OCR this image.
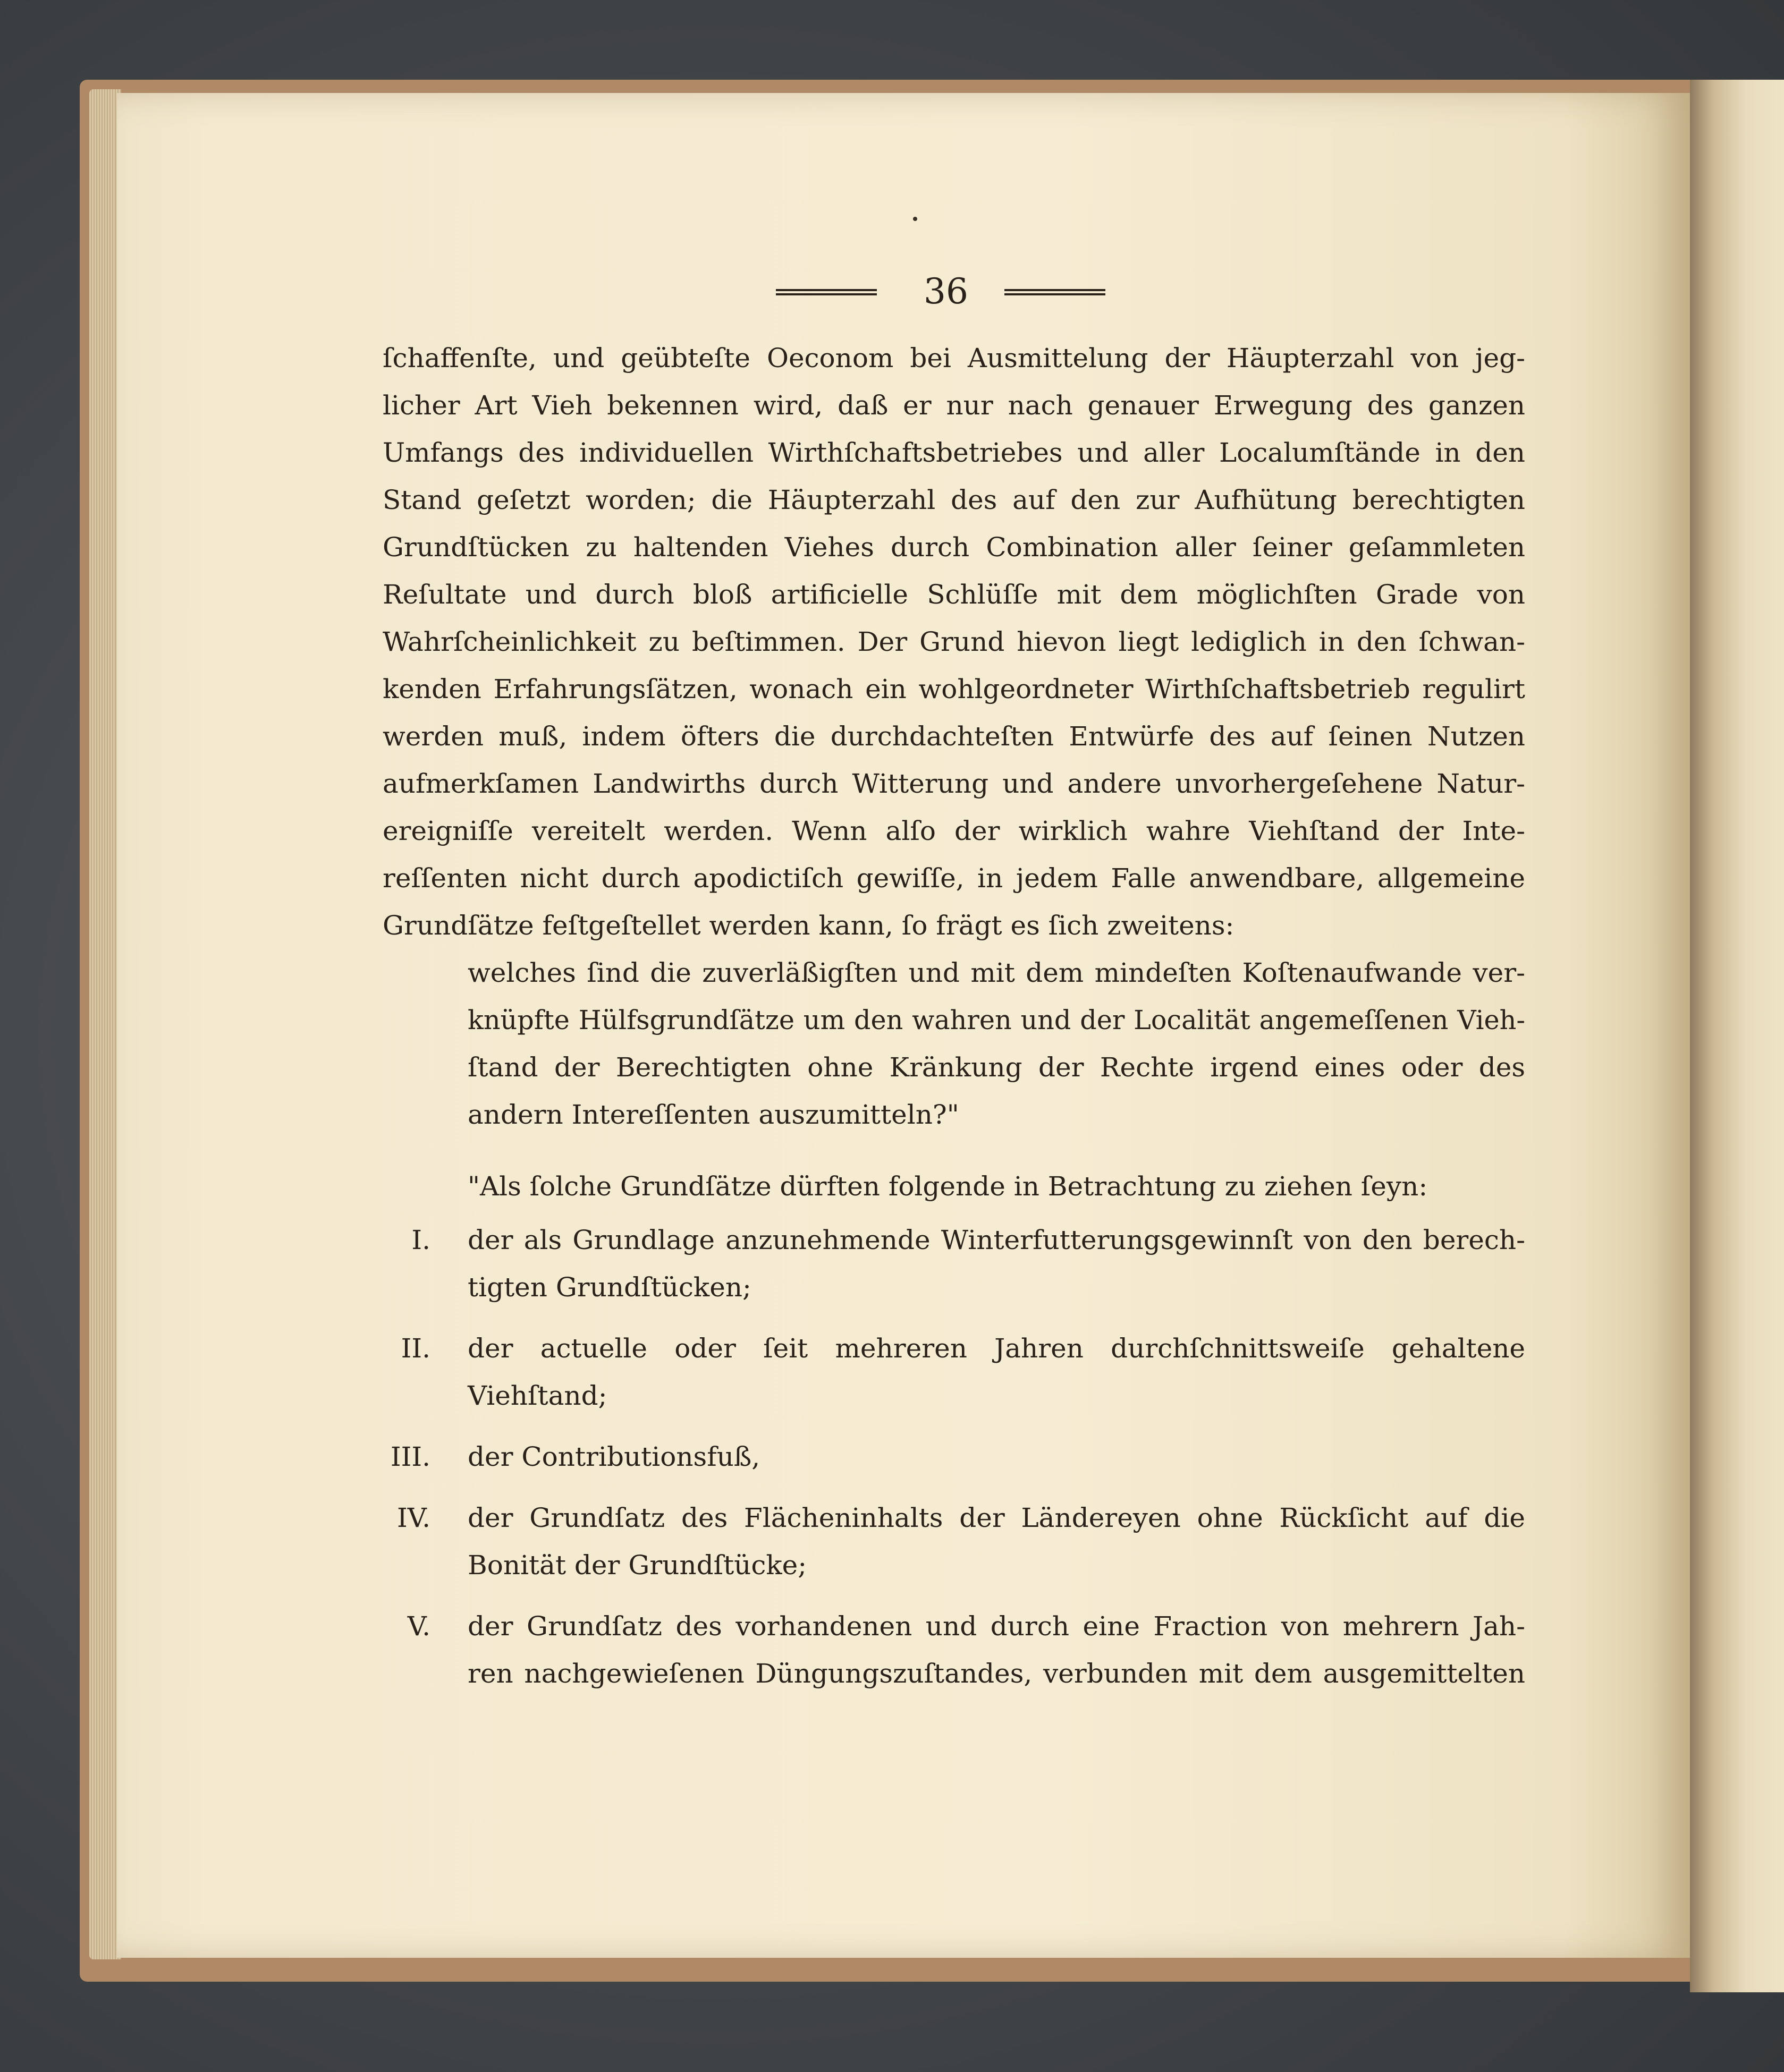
36
ſchaffenſte, und geübteſte Oeconom bei Ausmittelung der Häupterzahl von jeg-
licher Art Vieh bekennen wird, daß er nur nach genauer Erwegung des ganzen
Umfangs des individuellen Wirthſchaftsbetriebes und aller Localumſtände in den
Stand geſetzt worden; die Häupterzahl des auf den zur Aufhütung berechtigten
Grundſtücken zu haltenden Viehes durch Combination aller ſeiner geſammleten
Reſultate und durch bloß artificielle Schlüſſe mit dem möglichſten Grade von
Wahrſcheinlichkeit zu beſtimmen. Der Grund hievon liegt lediglich in den ſchwan-
kenden Erfahrungsſätzen, wonach ein wohlgeordneter Wirthſchaftsbetrieb regulirt
werden muß, indem öfters die durchdachteſten Entwürfe des auf ſeinen Nutzen
aufmerkſamen Landwirths durch Witterung und andere unvorhergeſehene Natur-
ereigniſſe vereitelt werden. Wenn alſo der wirklich wahre Viehſtand der Inte-
reſſenten nicht durch apodictiſch gewiſſe, in jedem Falle anwendbare, allgemeine
Grundſätze feſtgeſtellet werden kann, ſo frägt es ſich zweitens:
welches ſind die zuverläßigſten und mit dem mindeſten Koſtenaufwande ver-
knüpfte Hülfsgrundſätze um den wahren und der Localität angemeſſenen Vieh-
ſtand der Berechtigten ohne Kränkung der Rechte irgend eines oder des
andern Intereſſenten auszumitteln?"
"Als ſolche Grundſätze dürften folgende in Betrachtung zu ziehen ſeyn:
I. der als Grundlage anzunehmende Winterfutterungsgewinnſt von den berech-
tigten Grundſtücken;
II. der actuelle oder ſeit mehreren Jahren durchſchnittsweiſe gehaltene
Viehſtand;
III. der Contributionsfuß,
IV. der Grundſatz des Flächeninhalts der Ländereyen ohne Rückſicht auf die
Bonität der Grundſtücke;
V. der Grundſatz des vorhandenen und durch eine Fraction von mehrern Jah-
ren nachgewieſenen Düngungszuſtandes, verbunden mit dem ausgemittelten
